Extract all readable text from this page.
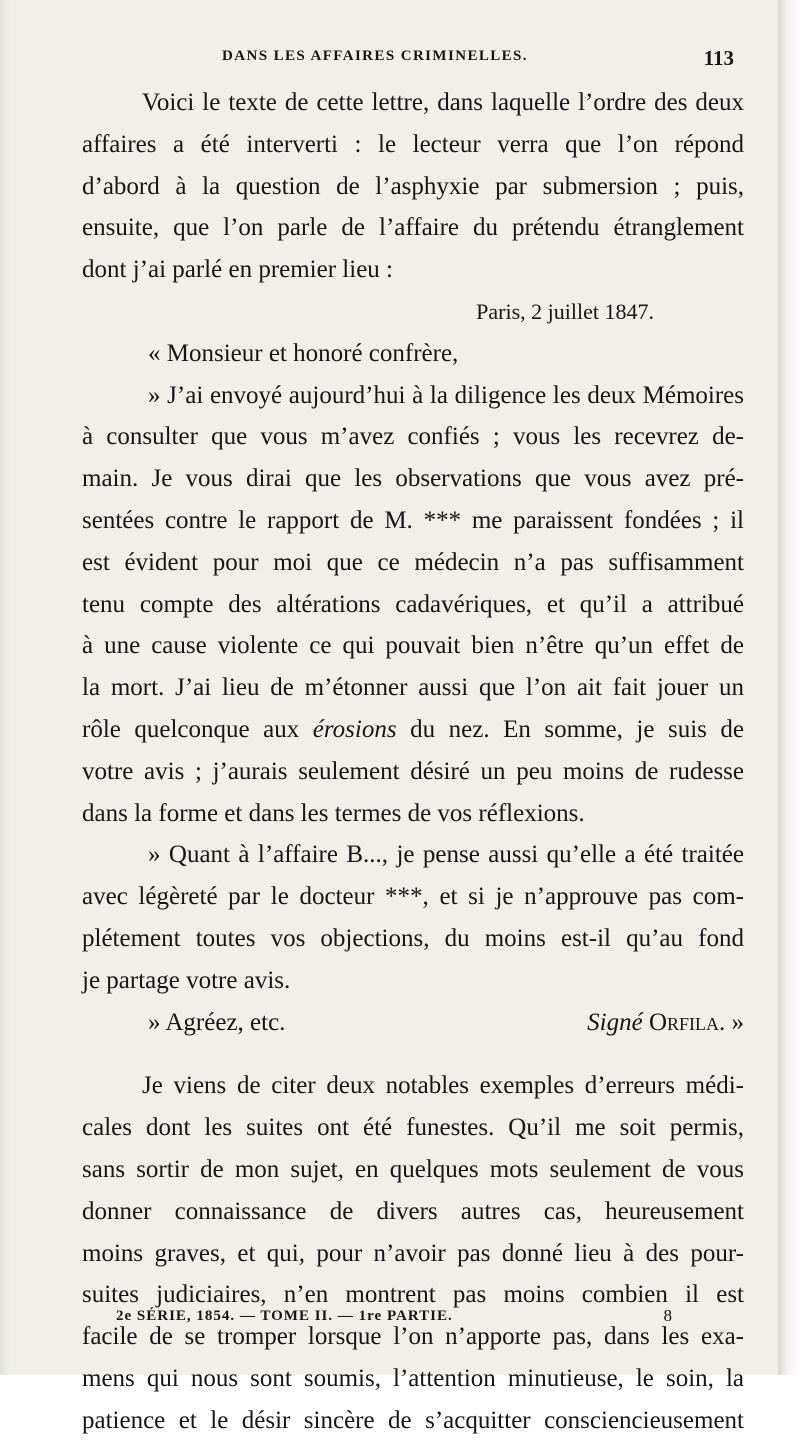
DANS LES AFFAIRES CRIMINELLES.	113
Voici le texte de cette lettre, dans laquelle l’ordre des deux
affaires a été interverti : le lecteur verra que l’on répond
d’abord à la question de l’asphyxie par submersion ; puis,
ensuite, que l’on parle de l’affaire du prétendu étranglement
dont j’ai parlé en premier lieu :
Paris, 2 juillet 1847.
« Monsieur et honoré confrère,
» J’ai envoyé aujourd’hui à la diligence les deux Mémoires
à consulter que vous m’avez confiés ; vous les recevrez de-
main. Je vous dirai que les observations que vous avez pré-
sentées contre le rapport de M. *** me paraissent fondées ; il
est évident pour moi que ce médecin n’a pas suffisamment
tenu compte des altérations cadavériques, et qu’il a attribué
à une cause violente ce qui pouvait bien n’être qu’un effet de
la mort. J’ai lieu de m’étonner aussi que l’on ait fait jouer un
rôle quelconque aux érosions du nez. En somme, je suis de
votre avis ; j’aurais seulement désiré un peu moins de rudesse
dans la forme et dans les termes de vos réflexions.
» Quant à l’affaire B..., je pense aussi qu’elle a été traitée
avec légèreté par le docteur ***, et si je n’approuve pas com-
plétement toutes vos objections, du moins est-il qu’au fond
je partage votre avis.
» Agréez, etc.	Signé Orfila. »
Je viens de citer deux notables exemples d’erreurs médi-
cales dont les suites ont été funestes. Qu’il me soit permis,
sans sortir de mon sujet, en quelques mots seulement de vous
donner connaissance de divers autres cas, heureusement
moins graves, et qui, pour n’avoir pas donné lieu à des pour-
suites judiciaires, n’en montrent pas moins combien il est
facile de se tromper lorsque l’on n’apporte pas, dans les exa-
mens qui nous sont soumis, l’attention minutieuse, le soin, la
patience et le désir sincère de s’acquitter consciencieusement
2e SÉRIE, 1854. — TOME II. — 1re PARTIE.	8
